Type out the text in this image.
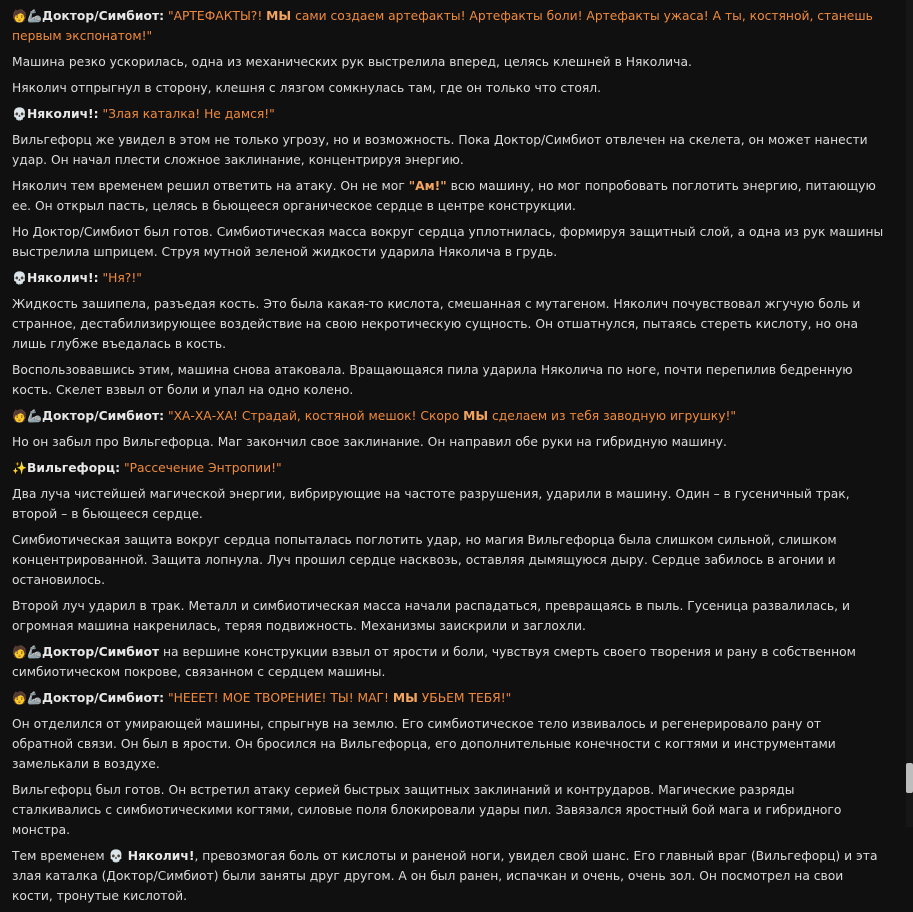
🧑🦾Доктор/Симбиот: "АРТЕФАКТЫ?! МЫ сами создаем артефакты! Артефакты боли! Артефакты ужаса! А ты, костяной, станешь первым экспонатом!"
Машина резко ускорилась, одна из механических рук выстрелила вперед, целясь клешней в Няколича.
Няколич отпрыгнул в сторону, клешня с лязгом сомкнулась там, где он только что стоял.
💀Няколич!: "Злая каталка! Не дамся!"
Вильгефорц же увидел в этом не только угрозу, но и возможность. Пока Доктор/Симбиот отвлечен на скелета, он может нанести удар. Он начал плести сложное заклинание, концентрируя энергию.
Няколич тем временем решил ответить на атаку. Он не мог "Ам!" всю машину, но мог попробовать поглотить энергию, питающую ее. Он открыл пасть, целясь в бьющееся органическое сердце в центре конструкции.
Но Доктор/Симбиот был готов. Симбиотическая масса вокруг сердца уплотнилась, формируя защитный слой, а одна из рук машины выстрелила шприцем. Струя мутной зеленой жидкости ударила Няколича в грудь.
💀Няколич!: "Ня?!"
Жидкость зашипела, разъедая кость. Это была какая-то кислота, смешанная с мутагеном. Няколич почувствовал жгучую боль и странное, дестабилизирующее воздействие на свою некротическую сущность. Он отшатнулся, пытаясь стереть кислоту, но она лишь глубже въедалась в кость.
Воспользовавшись этим, машина снова атаковала. Вращающаяся пила ударила Няколича по ноге, почти перепилив бедренную кость. Скелет взвыл от боли и упал на одно колено.
🧑🦾Доктор/Симбиот: "ХА-ХА-ХА! Страдай, костяной мешок! Скоро МЫ сделаем из тебя заводную игрушку!"
Но он забыл про Вильгефорца. Маг закончил свое заклинание. Он направил обе руки на гибридную машину.
✨Вильгефорц: "Рассечение Энтропии!"
Два луча чистейшей магической энергии, вибрирующие на частоте разрушения, ударили в машину. Один – в гусеничный трак, второй – в бьющееся сердце.
Симбиотическая защита вокруг сердца попыталась поглотить удар, но магия Вильгефорца была слишком сильной, слишком концентрированной. Защита лопнула. Луч прошил сердце насквозь, оставляя дымящуюся дыру. Сердце забилось в агонии и остановилось.
Второй луч ударил в трак. Металл и симбиотическая масса начали распадаться, превращаясь в пыль. Гусеница развалилась, и огромная машина накренилась, теряя подвижность. Механизмы заискрили и заглохли.
🧑🦾Доктор/Симбиот на вершине конструкции взвыл от ярости и боли, чувствуя смерть своего творения и рану в собственном симбиотическом покрове, связанном с сердцем машины.
🧑🦾Доктор/Симбиот: "НЕЕЕТ! МОЕ ТВОРЕНИЕ! ТЫ! МАГ! МЫ УБЬЕМ ТЕБЯ!"
Он отделился от умирающей машины, спрыгнув на землю. Его симбиотическое тело извивалось и регенерировало рану от обратной связи. Он был в ярости. Он бросился на Вильгефорца, его дополнительные конечности с когтями и инструментами замелькали в воздухе.
Вильгефорц был готов. Он встретил атаку серией быстрых защитных заклинаний и контрударов. Магические разряды сталкивались с симбиотическими когтями, силовые поля блокировали удары пил. Завязался яростный бой мага и гибридного монстра.
Тем временем 💀 Няколич!, превозмогая боль от кислоты и раненой ноги, увидел свой шанс. Его главный враг (Вильгефорц) и эта злая каталка (Доктор/Симбиот) были заняты друг другом. А он был ранен, испачкан и очень, очень зол. Он посмотрел на свои кости, тронутые кислотой.
